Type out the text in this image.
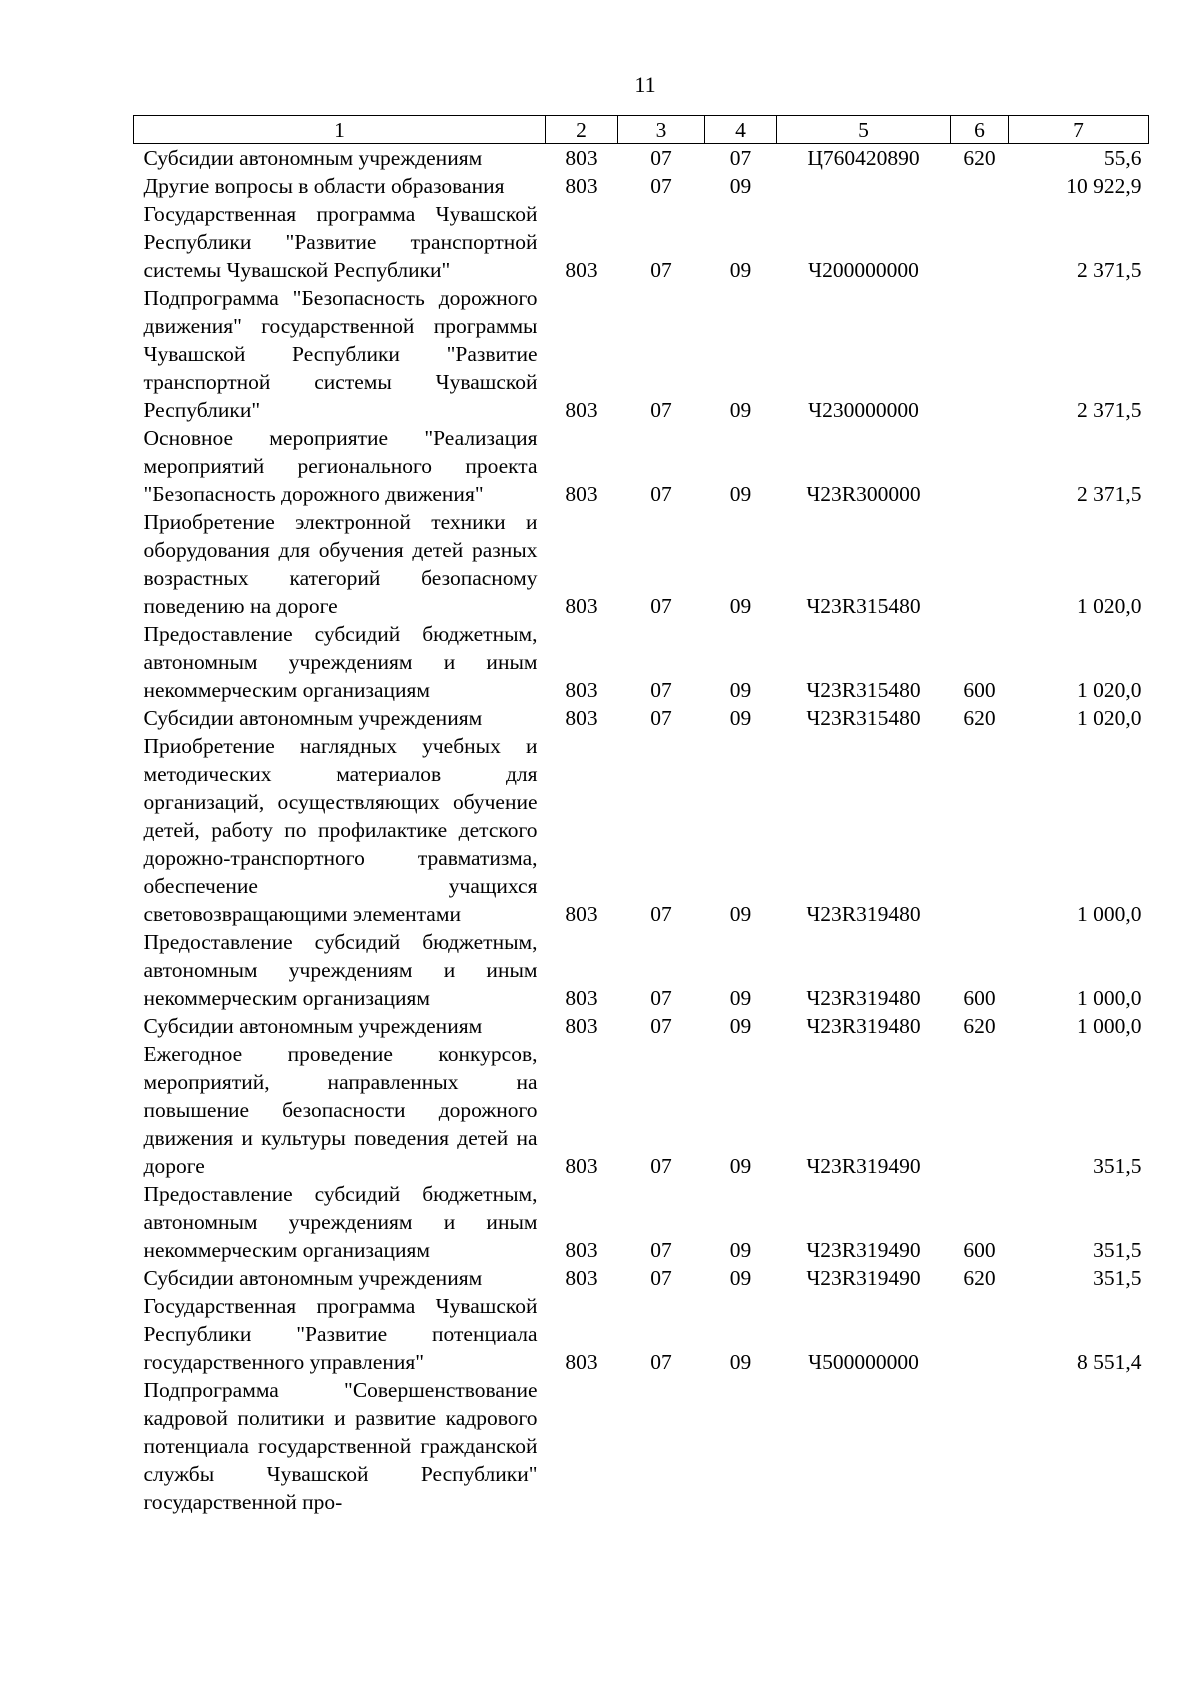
11
1	2	3	4	5	6	7
Субсидии автономным учреждениям	803	07	07	Ц760420890	620	55,6
Другие вопросы в области образования	803	07	09			10 922,9
Государственная программа Чувашской Республики "Развитие транспортной системы Чувашской Республики"	803	07	09	Ч200000000		2 371,5
Подпрограмма "Безопасность дорожного движения" государственной программы Чувашской Республики "Развитие транспортной системы Чувашской Республики"	803	07	09	Ч230000000		2 371,5
Основное мероприятие "Реализация мероприятий регионального проекта "Безопасность дорожного движения"	803	07	09	Ч23R300000		2 371,5
Приобретение электронной техники и оборудования для обучения детей разных возрастных категорий безопасному поведению на дороге	803	07	09	Ч23R315480		1 020,0
Предоставление субсидий бюджетным, автономным учреждениям и иным некоммерческим организациям	803	07	09	Ч23R315480	600	1 020,0
Субсидии автономным учреждениям	803	07	09	Ч23R315480	620	1 020,0
Приобретение наглядных учебных и методических материалов для организаций, осуществляющих обучение детей, работу по профилактике детского дорожно-транспортного травматизма, обеспечение учащихся световозвращающими элементами	803	07	09	Ч23R319480		1 000,0
Предоставление субсидий бюджетным, автономным учреждениям и иным некоммерческим организациям	803	07	09	Ч23R319480	600	1 000,0
Субсидии автономным учреждениям	803	07	09	Ч23R319480	620	1 000,0
Ежегодное проведение конкурсов, мероприятий, направленных на повышение безопасности дорожного движения и культуры поведения детей на дороге	803	07	09	Ч23R319490		351,5
Предоставление субсидий бюджетным, автономным учреждениям и иным некоммерческим организациям	803	07	09	Ч23R319490	600	351,5
Субсидии автономным учреждениям	803	07	09	Ч23R319490	620	351,5
Государственная программа Чувашской Республики "Развитие потенциала государственного управления"	803	07	09	Ч500000000		8 551,4
Подпрограмма "Совершенствование кадровой политики и развитие кадрового потенциала государственной гражданской службы Чувашской Республики" государственной про-						
